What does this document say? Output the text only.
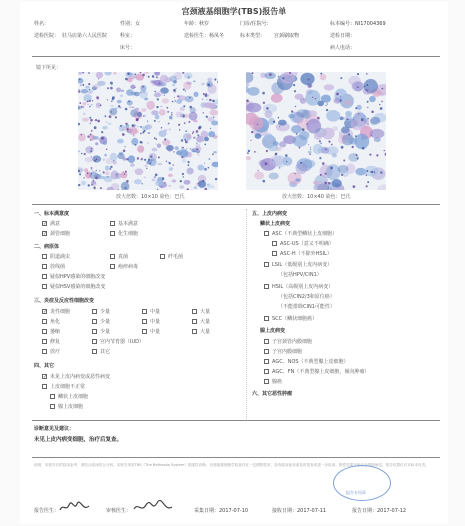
宫颈液基细胞学(TBS)报告单
姓名：	性别：女	年龄：秋岁	门诊/住院号：	标本编号：NI17004369
送检医院： 驻马店第六人民医院	科室：	送检医生：杨凤冬	标本类型： 宫颈刷取物	送检日期：
床号：	病人电话：
镜下所见：
放大倍数：10×10 染色：巴氏	放大倍数：10×40 染色：巴氏
一、标本满意度
✓ 满意	基本满意
✓ 颈管细胞	化生细胞
二、病原体
阴道滴虫	真菌	纤毛菌
放线菌	疱疹病毒
疑似HPV感染的细胞改变
疑似HSV感染的细胞改变
三、炎症及反应性细胞改变
✓ 炎性细胞	少量	中量	大量
角化	少量	中量	大量
萎缩	少量	中量	大量
修复	宫内节育器（IUD）
放疗	其它
四、其它
✓ 未见上皮内病变或恶性病变
上皮细胞不正常
鳞状上皮细胞
腺上皮细胞
五、上皮内病变
鳞状上皮病变
ASC（不典型鳞状上皮细胞）
ASC-US（意义不明确）
ASC-H（不除外HSIL）
LSIL（低级别上皮内病变）
（包括HPV/CIN1）
HSIL（高级别上皮内病变）
（包括CIN2/3和原位癌）
（不能排除CIN1可能性）
SCC（鳞状细胞癌）
腺上皮病变
子宫颈管内膜细胞
子宫内膜细胞
AGC、NOS（不典型腺上皮细胞）
AGC、FN（不典型腺上皮细胞，倾向肿瘤）
腺癌
六、其它恶性肿瘤
诊断意见及建议：
未见上皮内病变细胞，治疗后复查。
说明：本报告仅供临床参考，请结合临床综合分析。本报告采用TBS（The Bethesda System）描述性诊断。宫颈液基细胞学检查存在一定假阴性率，如有临床症状请及时复查或进一步检查，阴性结果不能完全排除病变。报告结果仅对本标本负责。
报告专用章
报告医生：	审核医生：	采集日期：2017-07-10	接收日期：2017-07-11	报告日期：2017-07-12
